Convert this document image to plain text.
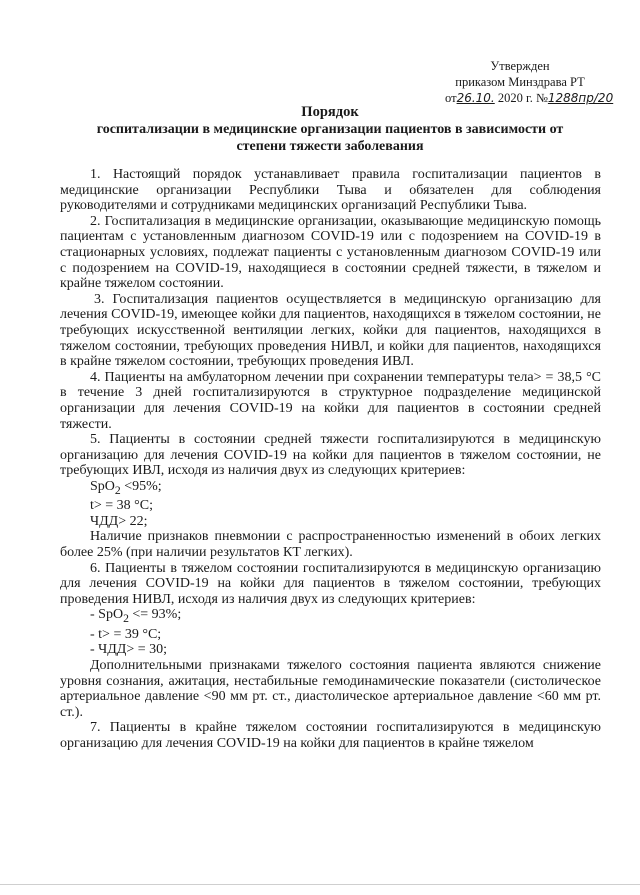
Утвержден
приказом Минздрава РТ
от26.10. 2020 г. №1288пр/20
Порядок
госпитализации в медицинские организации пациентов в зависимости от
степени тяжести заболевания

1. Настоящий порядок устанавливает правила госпитализации пациентов в медицинские организации Республики Тыва и обязателен для соблюдения руководителями и сотрудниками медицинских организаций Республики Тыва.

2. Госпитализация в медицинские организации, оказывающие медицинскую помощь пациентам с установленным диагнозом COVID-19 или с подозрением на COVID-19 в стационарных условиях, подлежат пациенты с установленным диагнозом COVID-19 или с подозрением на COVID-19, находящиеся в состоянии средней тяжести, в тяжелом и крайне тяжелом состоянии.

3. Госпитализация пациентов осуществляется в медицинскую организацию для лечения COVID-19, имеющее койки для пациентов, находящихся в тяжелом состоянии, не требующих искусственной вентиляции легких, койки для пациентов, находящихся в тяжелом состоянии, требующих проведения НИВЛ, и койки для пациентов, находящихся в крайне тяжелом состоянии, требующих проведения ИВЛ.

4. Пациенты на амбулаторном лечении при сохранении температуры тела> = 38,5 °С в течение 3 дней госпитализируются в структурное подразделение медицинской организации для лечения COVID-19 на койки для пациентов в состоянии средней тяжести.

5. Пациенты в состоянии средней тяжести госпитализируются в медицинскую организацию для лечения COVID-19 на койки для пациентов в тяжелом состоянии, не требующих ИВЛ, исходя из наличия двух из следующих критериев:

SpO$_2$ <95%;

t> = 38 °С;

ЧДД> 22;

Наличие признаков пневмонии с распространенностью изменений в обоих легких более 25% (при наличии результатов КТ легких).

6. Пациенты в тяжелом состоянии госпитализируются в медицинскую организацию для лечения COVID-19 на койки для пациентов в тяжелом состоянии, требующих проведения НИВЛ, исходя из наличия двух из следующих критериев:

- SpO$_2$ <= 93%;

- t> = 39 °С;

- ЧДД> = 30;

Дополнительными признаками тяжелого состояния пациента являются снижение уровня сознания, ажитация, нестабильные гемодинамические показатели (систолическое артериальное давление <90 мм рт. ст., диастолическое артериальное давление <60 мм рт. ст.).

7. Пациенты в крайне тяжелом состоянии госпитализируются в медицинскую организацию для лечения COVID-19 на койки для пациентов в крайне тяжелом
